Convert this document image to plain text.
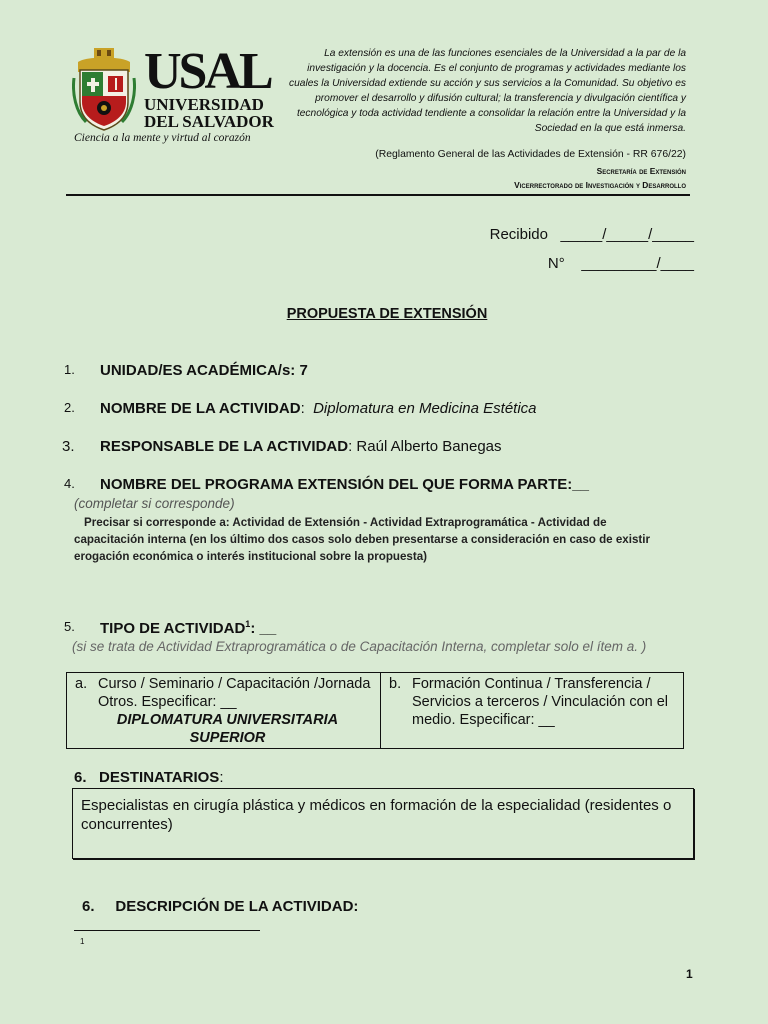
USAL
UNIVERSIDAD
DEL SALVADOR
Ciencia a la mente y virtud al corazón
La extensión es una de las funciones esenciales de la Universidad a la par de la investigación y la docencia. Es el conjunto de programas y actividades mediante los cuales la Universidad extiende su acción y sus servicios a la Comunidad. Su objetivo es promover el desarrollo y difusión cultural; la transferencia y divulgación científica y tecnológica y toda actividad tendiente a consolidar la relación entre la Universidad y la Sociedad en la que está inmersa.
(Reglamento General de las Actividades de Extensión - RR 676/22)
Secretaría de Extensión
Vicerrectorado de Investigación y Desarrollo
Recibido _____/_____/_____
N° _________/____
PROPUESTA DE EXTENSIÓN
1. UNIDAD/ES ACADÉMICA/s: 7
2. NOMBRE DE LA ACTIVIDAD: Diplomatura en Medicina Estética
3. RESPONSABLE DE LA ACTIVIDAD: Raúl Alberto Banegas
4. NOMBRE DEL PROGRAMA EXTENSIÓN DEL QUE FORMA PARTE:__
(completar si corresponde)
Precisar si corresponde a: Actividad de Extensión - Actividad Extraprogramática - Actividad de capacitación interna (en los último dos casos solo deben presentarse a consideración en caso de existir erogación económica o interés institucional sobre la propuesta)
5. TIPO DE ACTIVIDAD$^1$: __
(si se trata de Actividad Extraprogramática o de Capacitación Interna, completar solo el ítem a. )
a. Curso / Seminario / Capacitación /Jornada Otros. Especificar: __
DIPLOMATURA UNIVERSITARIA SUPERIOR
b. Formación Continua / Transferencia / Servicios a terceros / Vinculación con el medio. Especificar: __
6. DESTINATARIOS:
Especialistas en cirugía plástica y médicos en formación de la especialidad (residentes o concurrentes)
6. DESCRIPCIÓN DE LA ACTIVIDAD:
1
1
